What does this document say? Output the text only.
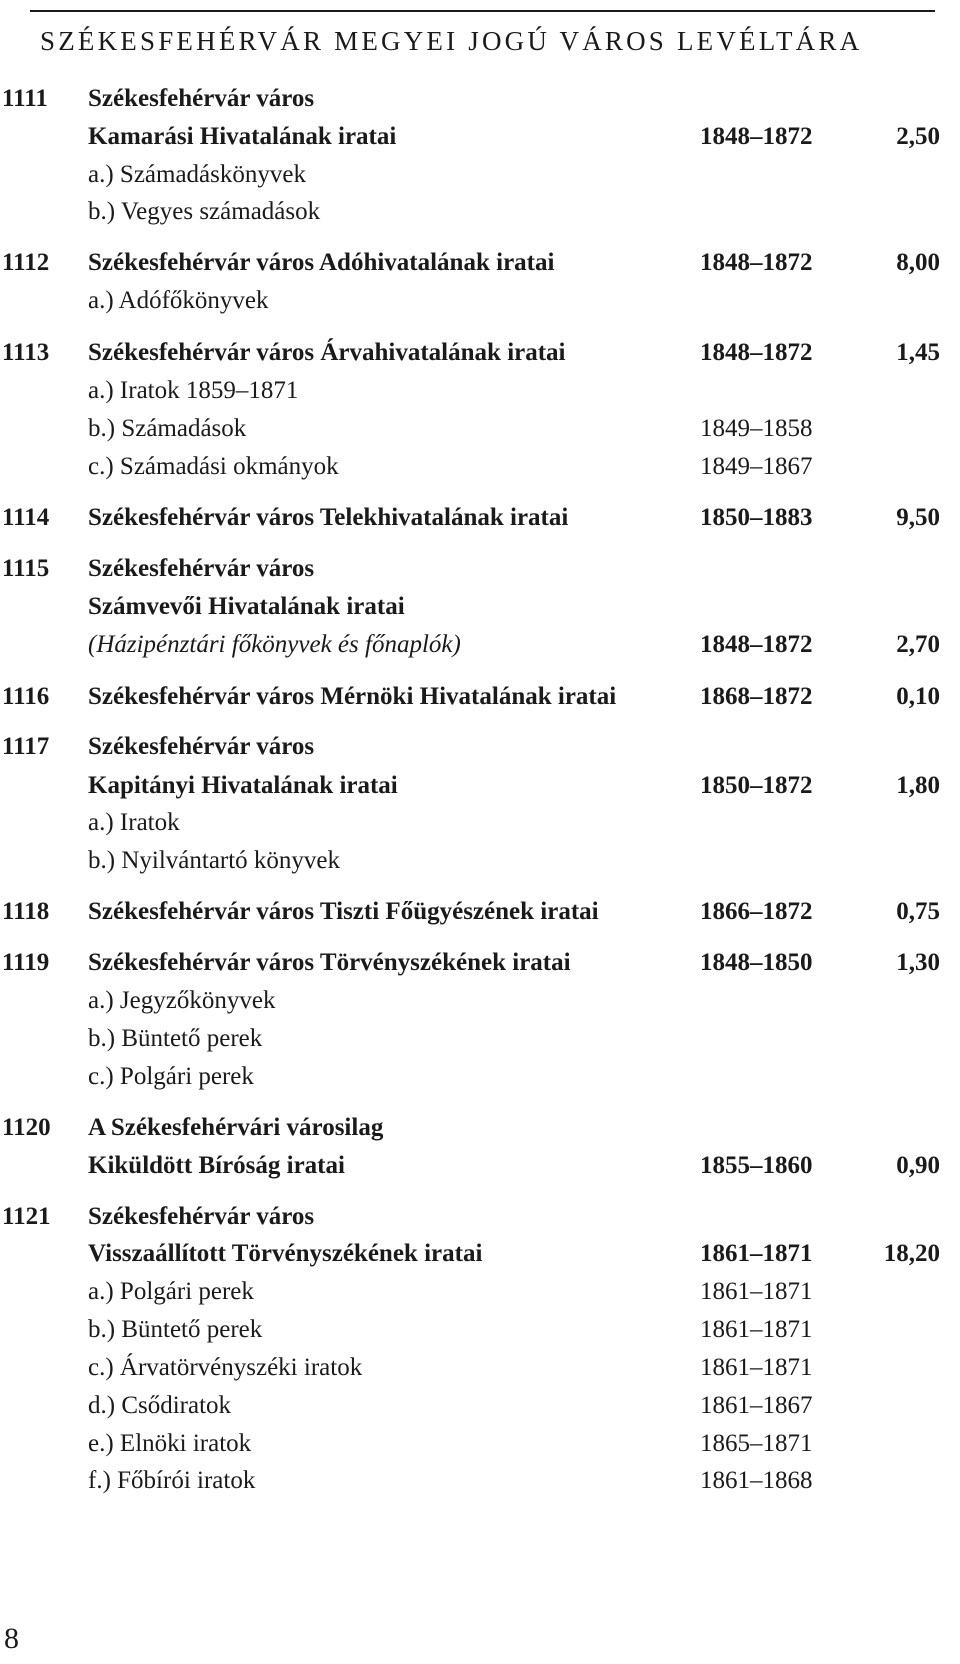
SZÉKESFEHÉRVÁR MEGYEI JOGÚ VÁROS LEVÉLTÁRA
1111 Székesfehérvár város
Kamarási Hivatalának iratai	1848–1872	2,50
a.) Számadáskönyvek
b.) Vegyes számadások
1112 Székesfehérvár város Adóhivatalának iratai	1848–1872	8,00
a.) Adófőkönyvek
1113 Székesfehérvár város Árvahivatalának iratai	1848–1872	1,45
a.) Iratok 1859–1871
b.) Számadások	1849–1858
c.) Számadási okmányok	1849–1867
1114 Székesfehérvár város Telekhivatalának iratai	1850–1883	9,50
1115 Székesfehérvár város
Számvevői Hivatalának iratai
(Házipénztári főkönyvek és főnaplók)	1848–1872	2,70
1116 Székesfehérvár város Mérnöki Hivatalának iratai	1868–1872	0,10
1117 Székesfehérvár város
Kapitányi Hivatalának iratai	1850–1872	1,80
a.) Iratok
b.) Nyilvántartó könyvek
1118 Székesfehérvár város Tiszti Főügyészének iratai	1866–1872	0,75
1119 Székesfehérvár város Törvényszékének iratai	1848–1850	1,30
a.) Jegyzőkönyvek
b.) Büntető perek
c.) Polgári perek
1120 A Székesfehérvári városilag
Kiküldött Bíróság iratai	1855–1860	0,90
1121 Székesfehérvár város
Visszaállított Törvényszékének iratai	1861–1871	18,20
a.) Polgári perek	1861–1871
b.) Büntető perek	1861–1871
c.) Árvatörvényszéki iratok	1861–1871
d.) Csődiratok	1861–1867
e.) Elnöki iratok	1865–1871
f.) Főbírói iratok	1861–1868
8
